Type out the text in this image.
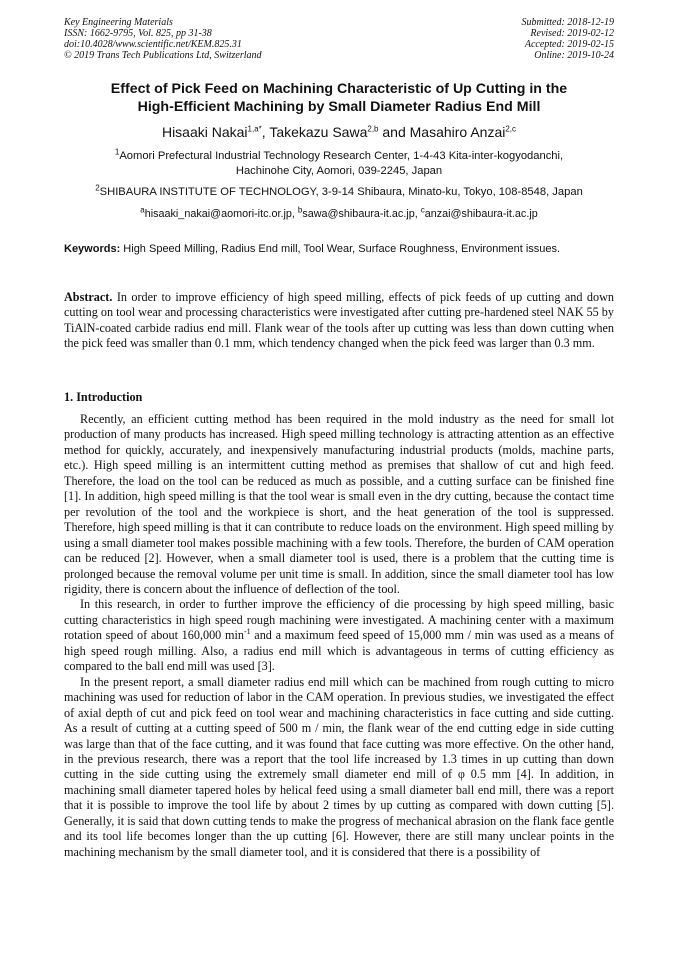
Key Engineering Materials
ISSN: 1662-9795, Vol. 825, pp 31-38
doi:10.4028/www.scientific.net/KEM.825.31
© 2019 Trans Tech Publications Ltd, Switzerland
Submitted: 2018-12-19
Revised: 2019-02-12
Accepted: 2019-02-15
Online: 2019-10-24
Effect of Pick Feed on Machining Characteristic of Up Cutting in the
High-Efficient Machining by Small Diameter Radius End Mill
Hisaaki Nakai$^{1,a*}$, Takekazu Sawa$^{2,b}$ and Masahiro Anzai$^{2,c}$
$^1$Aomori Prefectural Industrial Technology Research Center, 1-4-43 Kita-inter-kogyodanchi,
Hachinohe City, Aomori, 039-2245, Japan
$^2$SHIBAURA INSTITUTE OF TECHNOLOGY, 3-9-14 Shibaura, Minato-ku, Tokyo, 108-8548, Japan
$^a$hisaaki_nakai@aomori-itc.or.jp, $^b$sawa@shibaura-it.ac.jp, $^c$anzai@shibaura-it.ac.jp
Keywords: High Speed Milling, Radius End mill, Tool Wear, Surface Roughness, Environment issues.
Abstract. In order to improve efficiency of high speed milling, effects of pick feeds of up cutting and down cutting on tool wear and processing characteristics were investigated after cutting pre-hardened steel NAK 55 by TiAlN-coated carbide radius end mill. Flank wear of the tools after up cutting was less than down cutting when the pick feed was smaller than 0.1 mm, which tendency changed when the pick feed was larger than 0.3 mm.
1. Introduction

Recently, an efficient cutting method has been required in the mold industry as the need for small lot production of many products has increased. High speed milling technology is attracting attention as an effective method for quickly, accurately, and inexpensively manufacturing industrial products (molds, machine parts, etc.). High speed milling is an intermittent cutting method as premises that shallow of cut and high feed. Therefore, the load on the tool can be reduced as much as possible, and a cutting surface can be finished fine [1]. In addition, high speed milling is that the tool wear is small even in the dry cutting, because the contact time per revolution of the tool and the workpiece is short, and the heat generation of the tool is suppressed. Therefore, high speed milling is that it can contribute to reduce loads on the environment. High speed milling by using a small diameter tool makes possible machining with a few tools. Therefore, the burden of CAM operation can be reduced [2]. However, when a small diameter tool is used, there is a problem that the cutting time is prolonged because the removal volume per unit time is small. In addition, since the small diameter tool has low rigidity, there is concern about the influence of deflection of the tool.

In this research, in order to further improve the efficiency of die processing by high speed milling, basic cutting characteristics in high speed rough machining were investigated. A machining center with a maximum rotation speed of about 160,000 $\min^{-1}$ and a maximum feed speed of 15,000 mm / min was used as a means of high speed rough milling. Also, a radius end mill which is advantageous in terms of cutting efficiency as compared to the ball end mill was used [3].

In the present report, a small diameter radius end mill which can be machined from rough cutting to micro machining was used for reduction of labor in the CAM operation. In previous studies, we investigated the effect of axial depth of cut and pick feed on tool wear and machining characteristics in face cutting and side cutting. As a result of cutting at a cutting speed of 500 m / min, the flank wear of the end cutting edge in side cutting was large than that of the face cutting, and it was found that face cutting was more effective. On the other hand, in the previous research, there was a report that the tool life increased by 1.3 times in up cutting than down cutting in the side cutting using the extremely small diameter end mill of φ 0.5 mm [4]. In addition, in machining small diameter tapered holes by helical feed using a small diameter ball end mill, there was a report that it is possible to improve the tool life by about 2 times by up cutting as compared with down cutting [5]. Generally, it is said that down cutting tends to make the progress of mechanical abrasion on the flank face gentle and its tool life becomes longer than the up cutting [6]. However, there are still many unclear points in the machining mechanism by the small diameter tool, and it is considered that there is a possibility of
